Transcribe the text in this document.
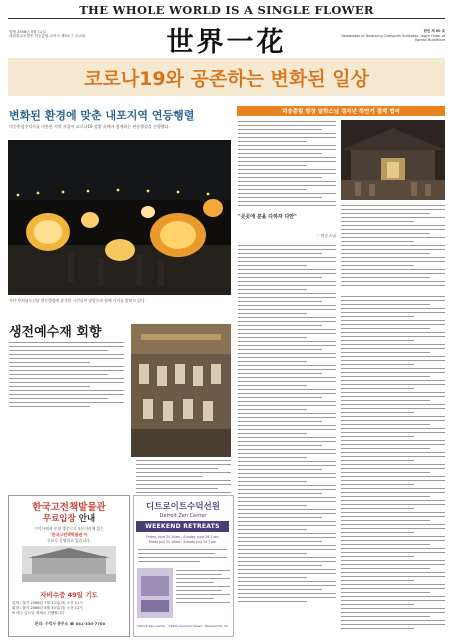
THE WHOLE WORLD IS A SINGLE FLOWER
발행 2558년 5월 11일
대한불교조계종 덕숭총림 수덕사 제9교구 포교원	世界一花	한민 제 00 호
Newspaper of Deoksung Chongnim Sudeoksa, Jogye Order of Korean Buddhism
코로나19와 공존하는 변화된 일상
변화된 환경에 맞춘 내포지역 연등행렬
덕숭총림수덕사를 비롯한 지역 사찰이 코로나19 상황 속에서 함께하는 연등행렬을 진행했다.
서산 부처님오신날 연등행렬에 참석한 시민들이 장엄등과 함께 거리를 밝히고 있다.
생전예수재 회향
한국고전책발물관
무료입장 안내
수덕사에서 중점 방문으로 5분거리에 있는
'한국고전책박물관'이
무료로 운영되고 있습니다.
자비수증 49일 기도
입재 : 불기 2566년 7월 12일(화) 오전 11시
회향 : 불기 2566년 8월 30일(화) 오전 11시
※ 매주 일요일 재재로 진행합니다.
문의: 수덕사 종무소 ☎ 041-330-7700
디트로이트수덕선원
Detroit Zen Center
WEEKEND RETREATS
Friday, June 24 10am - Sunday, June 26 7 pm
Friday July 22 10am - Sunday July 24 7 pm
Detroit Zen Center · 11600 Lumpkin Street · Hamtramck, MI
덕숭총림 방장 달하스님 경자년 하안거 결제 법어
"곳곳에 분을 다하자 다만"
– 덕숭스님
